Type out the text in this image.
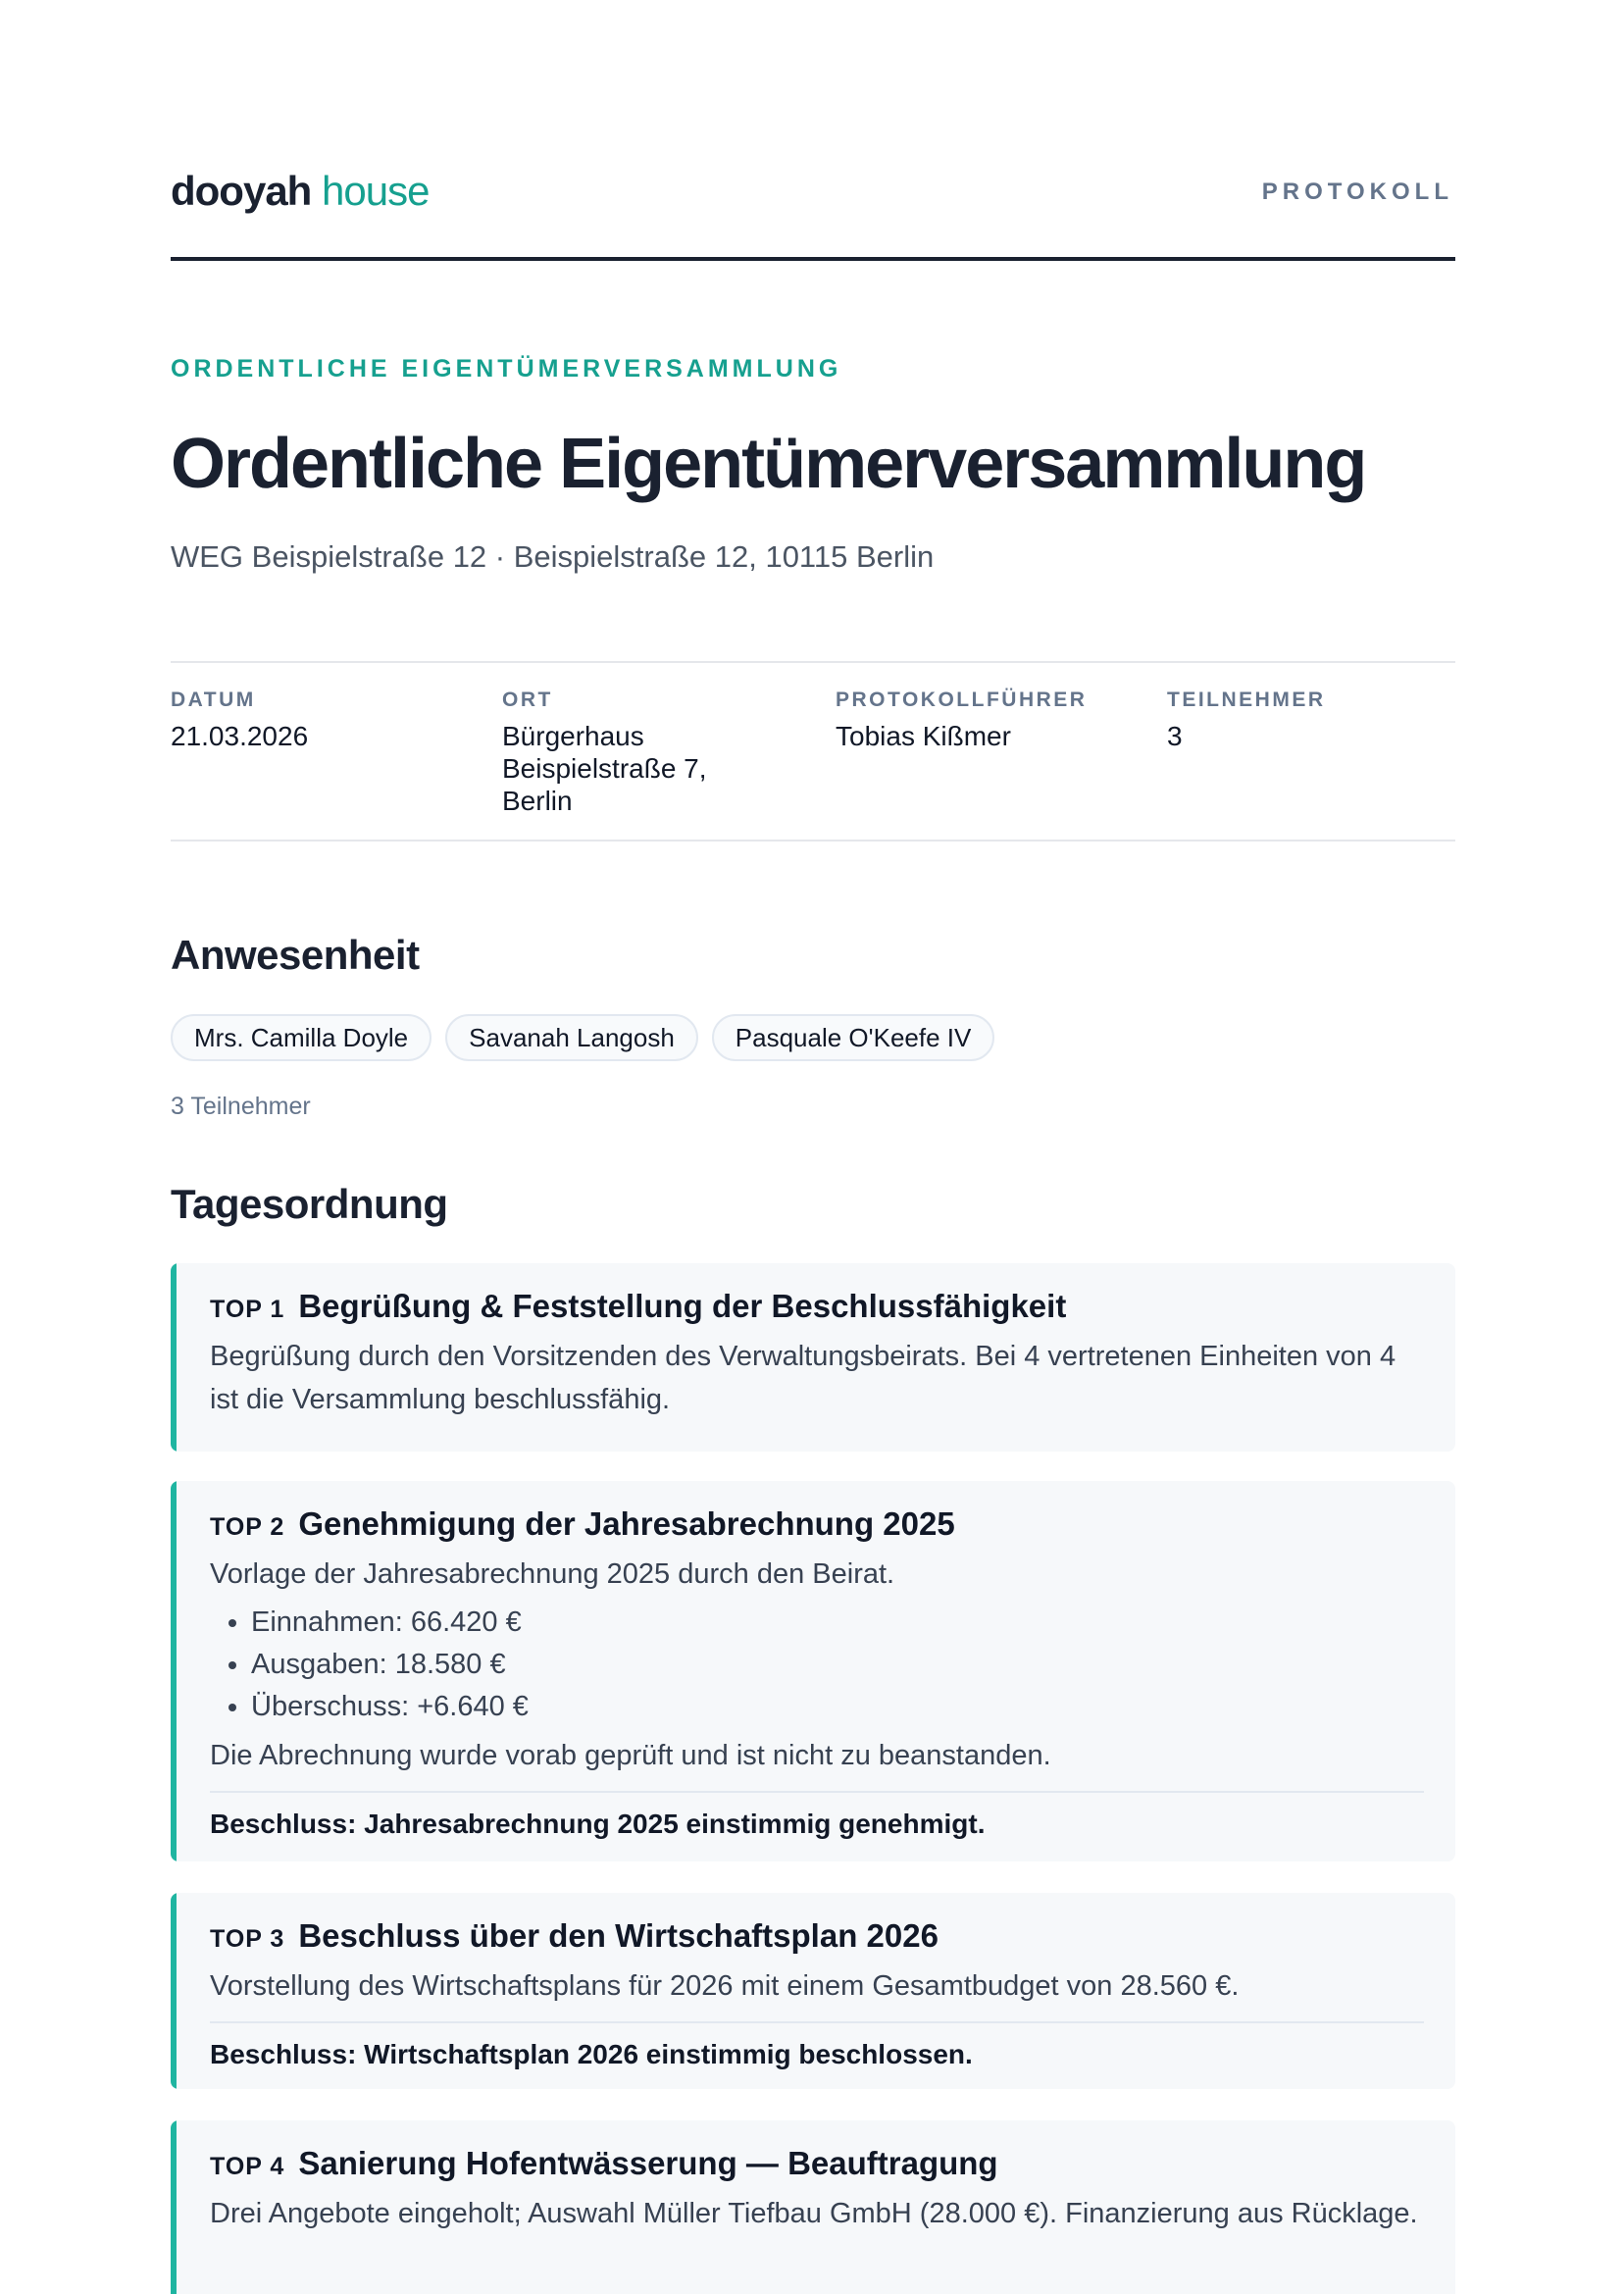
dooyah house	PROTOKOLL
ORDENTLICHE EIGENTÜMERVERSAMMLUNG
Ordentliche Eigentümerversammlung
WEG Beispielstraße 12 · Beispielstraße 12, 10115 Berlin
DATUM
21.03.2026
ORT
Bürgerhaus Beispielstraße 7, Berlin
PROTOKOLLFÜHRER
Tobias Kißmer
TEILNEHMER
3
Anwesenheit
Mrs. Camilla Doyle Savanah Langosh Pasquale O'Keefe IV
3 Teilnehmer
Tagesordnung
TOP 1 Begrüßung & Feststellung der Beschlussfähigkeit
Begrüßung durch den Vorsitzenden des Verwaltungsbeirats. Bei 4 vertretenen Einheiten von 4 ist die Versammlung beschlussfähig.
TOP 2 Genehmigung der Jahresabrechnung 2025
Vorlage der Jahresabrechnung 2025 durch den Beirat.
• Einnahmen: 66.420 €
• Ausgaben: 18.580 €
• Überschuss: +6.640 €
Die Abrechnung wurde vorab geprüft und ist nicht zu beanstanden.
Beschluss: Jahresabrechnung 2025 einstimmig genehmigt.
TOP 3 Beschluss über den Wirtschaftsplan 2026
Vorstellung des Wirtschaftsplans für 2026 mit einem Gesamtbudget von 28.560 €.
Beschluss: Wirtschaftsplan 2026 einstimmig beschlossen.
TOP 4 Sanierung Hofentwässerung — Beauftragung
Drei Angebote eingeholt; Auswahl Müller Tiefbau GmbH (28.000 €). Finanzierung aus Rücklage.
